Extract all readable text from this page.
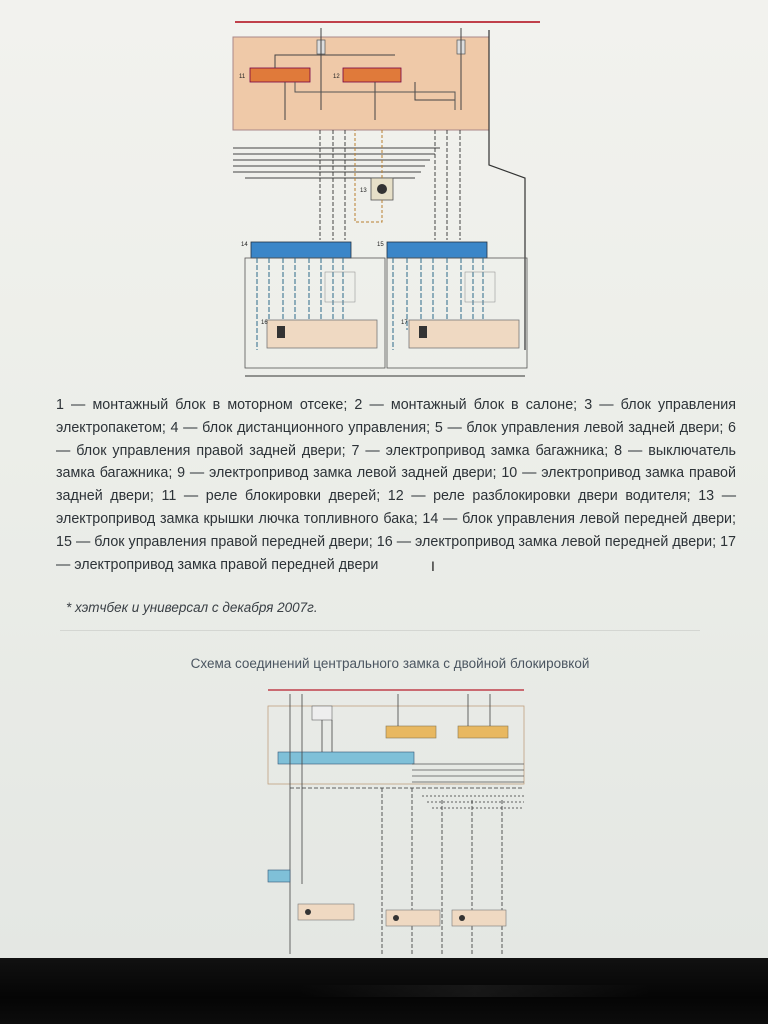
11	12
13
14	15
16	17
1 — монтажный блок в моторном отсеке; 2 — монтажный блок в салоне; 3 — блок управления электропакетом; 4 — блок дистанционного управления; 5 — блок управления левой задней двери; 6 — блок управления правой задней двери; 7 — электропривод замка багажника; 8 — выключатель замка багажника; 9 — электропривод замка левой задней двери; 10 — электропривод замка правой задней двери; 11 — реле блокировки дверей; 12 — реле разблокировки двери водителя; 13 — электропривод замка крышки лючка топливного бака; 14 — блок управления левой передней двери; 15 — блок управления правой передней двери; 16 — электропривод замка левой передней двери; 17 — электропривод замка правой передней двери	I
* хэтчбек и универсал с декабря 2007г.
Схема соединений центрального замка с двойной блокировкой
